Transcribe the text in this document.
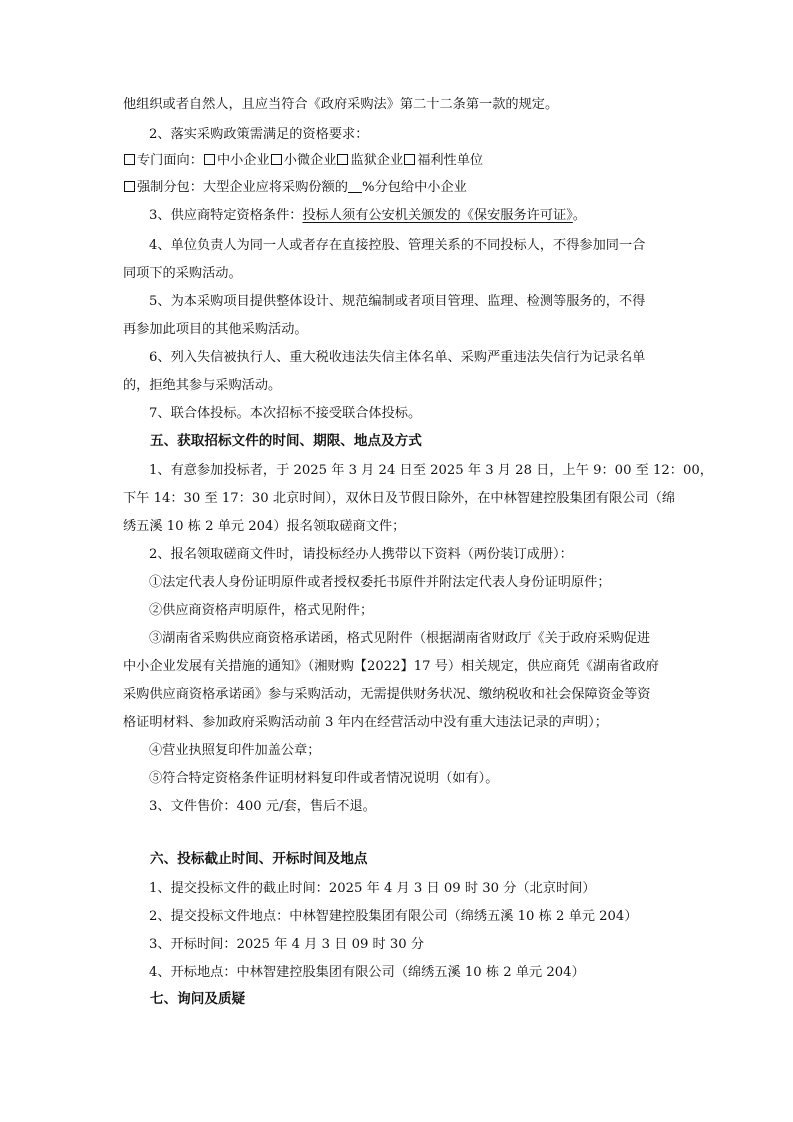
他组织或者自然人，且应当符合《政府采购法》第二十二条第一款的规定。
2、落实采购政策需满足的资格要求：
专门面向： 中小企业 小微企业 监狱企业 福利性单位
强制分包：大型企业应将采购份额的 %分包给中小企业
3、供应商特定资格条件：投标人须有公安机关颁发的《保安服务许可证》。
4、单位负责人为同一人或者存在直接控股、管理关系的不同投标人，不得参加同一合
同项下的采购活动。
5、为本采购项目提供整体设计、规范编制或者项目管理、监理、检测等服务的，不得
再参加此项目的其他采购活动。
6、列入失信被执行人、重大税收违法失信主体名单、采购严重违法失信行为记录名单
的，拒绝其参与采购活动。
7、联合体投标。本次招标不接受联合体投标。
五、获取招标文件的时间、期限、地点及方式
1、有意参加投标者，于 2025 年 3 月 24 日至 2025 年 3 月 28 日，上午 9：00 至 12：00，
下午 14：30 至 17：30 北京时间），双休日及节假日除外，在中林智建控股集团有限公司（绵
绣五溪 10 栋 2 单元 204）报名领取磋商文件；
2、报名领取磋商文件时，请投标经办人携带以下资料（两份装订成册）：
①法定代表人身份证明原件或者授权委托书原件并附法定代表人身份证明原件；
②供应商资格声明原件，格式见附件；
③湖南省采购供应商资格承诺函，格式见附件（根据湖南省财政厅《关于政府采购促进
中小企业发展有关措施的通知》（湘财购【2022】17 号）相关规定，供应商凭《湖南省政府
采购供应商资格承诺函》参与采购活动，无需提供财务状况、缴纳税收和社会保障资金等资
格证明材料、参加政府采购活动前 3 年内在经营活动中没有重大违法记录的声明）；
④营业执照复印件加盖公章；
⑤符合特定资格条件证明材料复印件或者情况说明（如有）。
3、文件售价：400 元/套，售后不退。
六、投标截止时间、开标时间及地点
1、提交投标文件的截止时间：2025 年 4 月 3 日 09 时 30 分（北京时间）
2、提交投标文件地点：中林智建控股集团有限公司（绵绣五溪 10 栋 2 单元 204）
3、开标时间：2025 年 4 月 3 日 09 时 30 分
4、开标地点：中林智建控股集团有限公司（绵绣五溪 10 栋 2 单元 204）
七、询问及质疑
